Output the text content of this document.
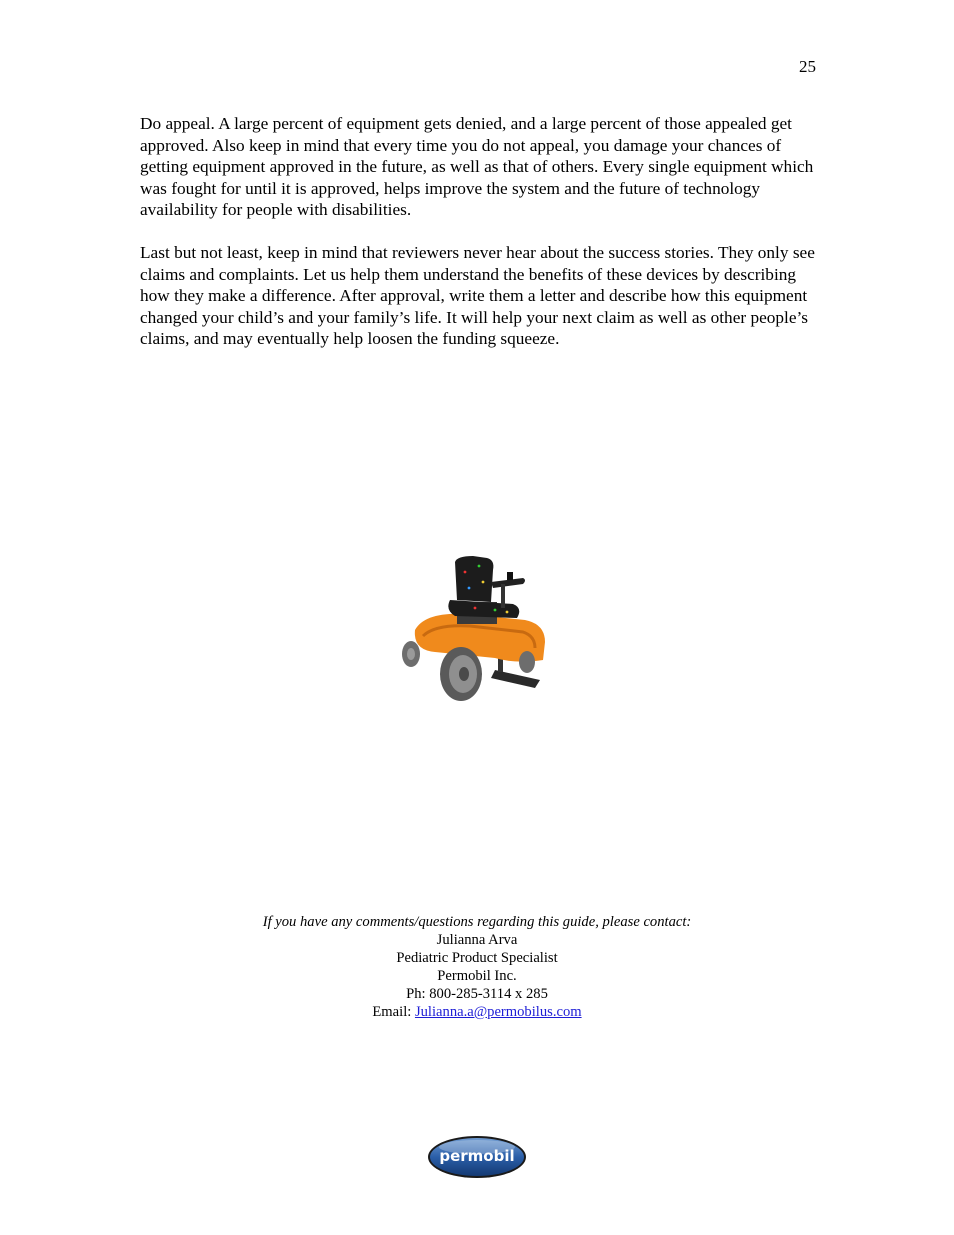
25

Do appeal. A large percent of equipment gets denied, and a large percent of those appealed get approved. Also keep in mind that every time you do not appeal, you damage your chances of getting equipment approved in the future, as well as that of others. Every single equipment which was fought for until it is approved, helps improve the system and the future of technology availability for people with disabilities.

Last but not least, keep in mind that reviewers never hear about the success stories. They only see claims and complaints. Let us help them understand the benefits of these devices by describing how they make a difference. After approval, write them a letter and describe how this equipment changed your child’s and your family’s life. It will help your next claim as well as other people’s claims, and may eventually help loosen the funding squeeze.

If you have any comments/questions regarding this guide, please contact:
Julianna Arva
Pediatric Product Specialist
Permobil Inc.
Ph: 800-285-3114 x 285
Email: Julianna.a@permobilus.com
permobil
